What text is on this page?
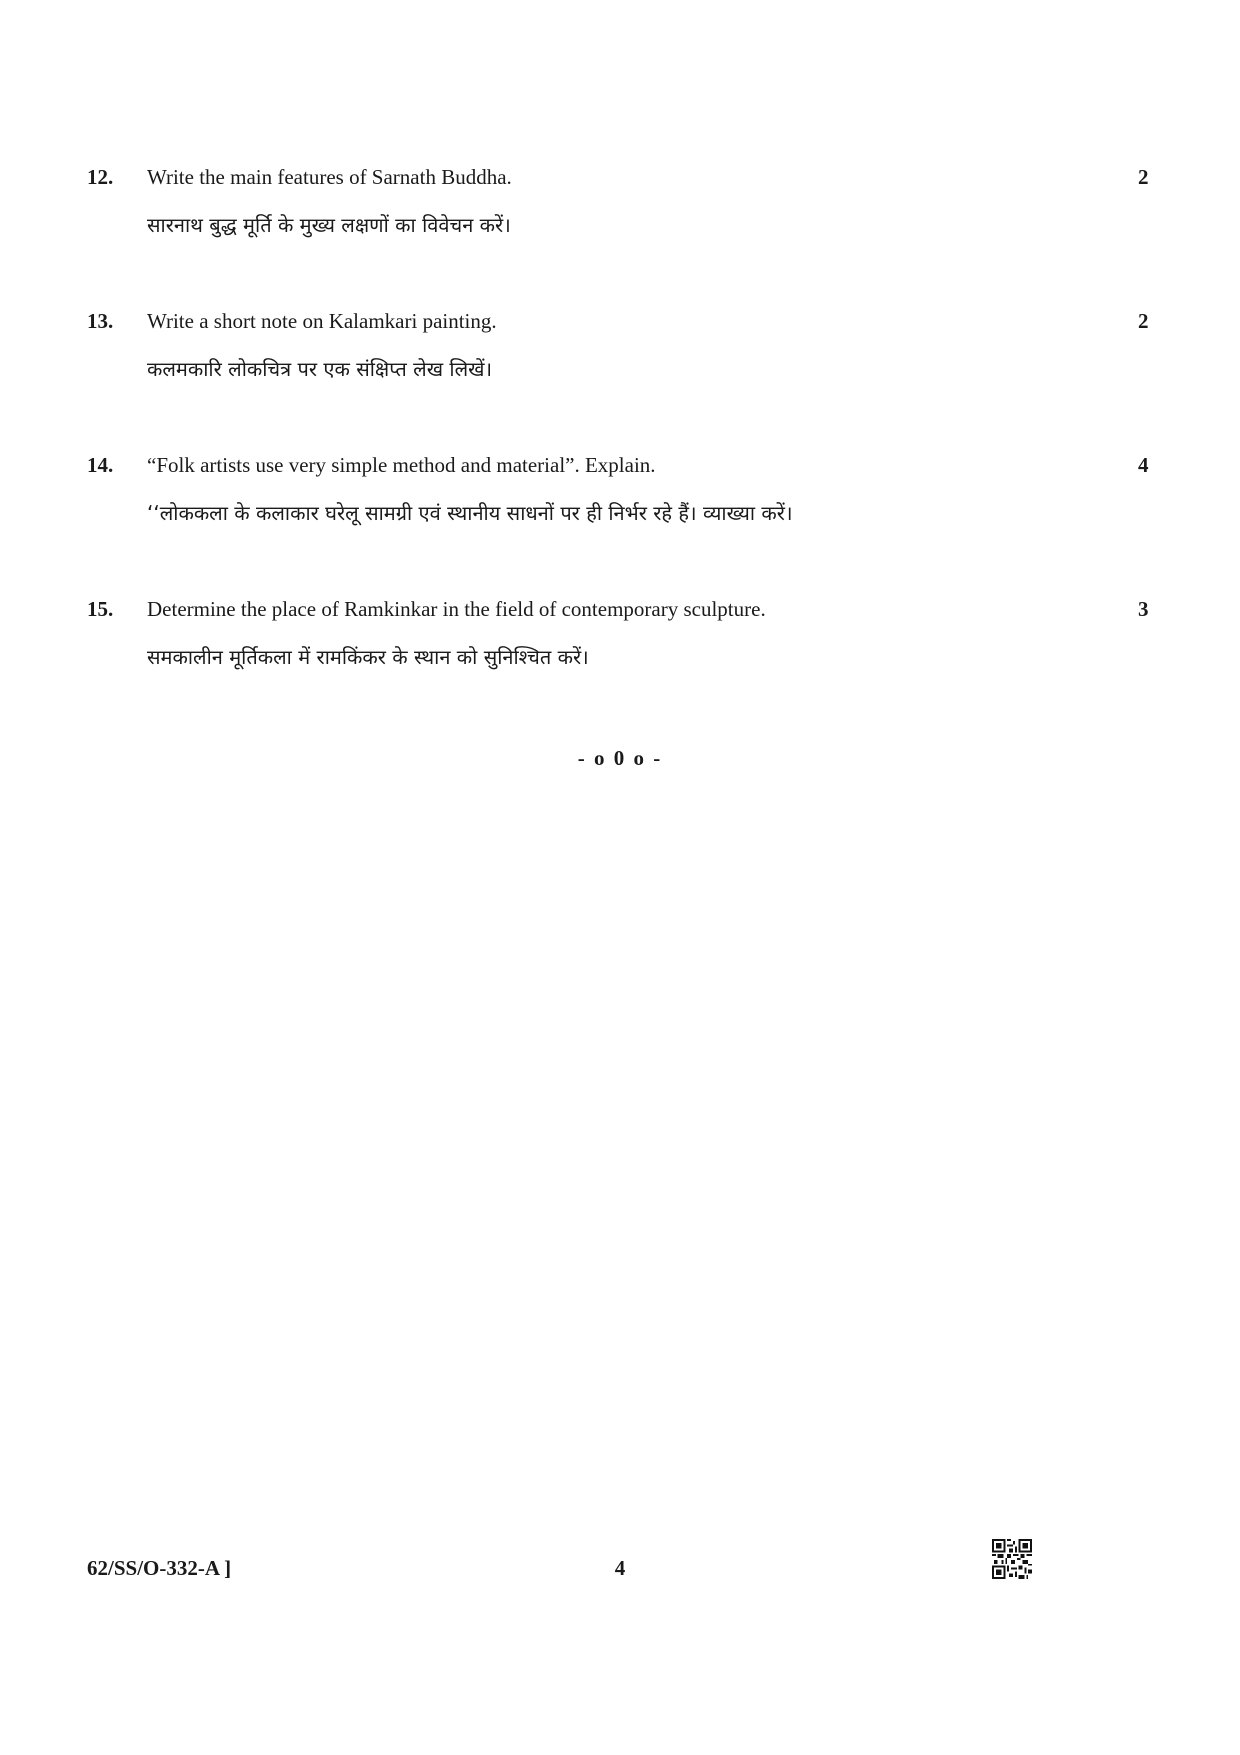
12. Write the main features of Sarnath Buddha.	2
सारनाथ बुद्ध मूर्ति के मुख्य लक्षणों का विवेचन करें।
13. Write a short note on Kalamkari painting.	2
कलमकारि लोकचित्र पर एक संक्षिप्त लेख लिखें।
14. “Folk artists use very simple method and material”. Explain.	4
‘‘लोककला के कलाकार घरेलू सामग्री एवं स्थानीय साधनों पर ही निर्भर रहे हैं। व्याख्या करें।
15. Determine the place of Ramkinkar in the field of contemporary sculpture.	3
समकालीन मूर्तिकला में रामकिंकर के स्थान को सुनिश्चित करें।
- o 0 o -
62/SS/O-332-A ]	4
